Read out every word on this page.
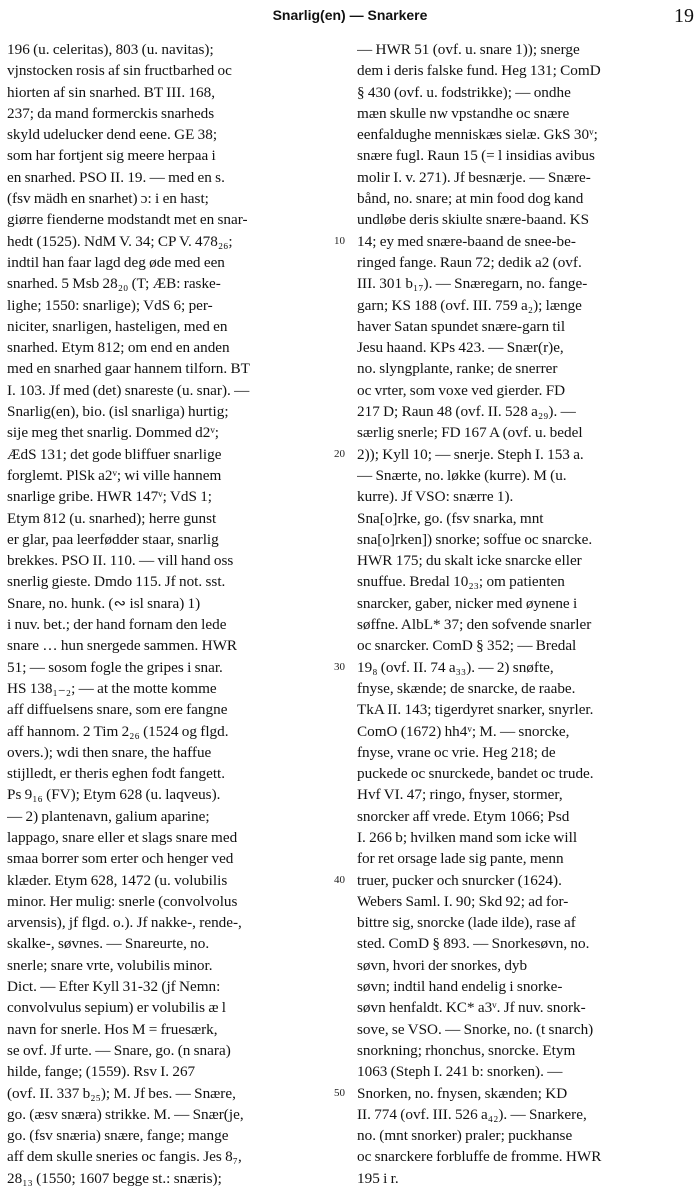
Snarlig(en) — Snarkere	19
196 (u. celeritas), 803 (u. navitas);
vjnstocken rosis af sin fructbarhed oc
hiorten af sin snarhed. BT III. 168,
237; da mand formerckis snarheds
skyld udelucker dend eene. GE 38;
som har fortjent sig meere herpaa i
en snarhed. PSO II. 19. — med en s.
(fsv mädh en snarhet) ɔ: i en hast;
giørre fienderne modstandt met en snar-
hedt (1525). NdM V. 34; CP V. 478₂₆;
indtil han faar lagd deg øde med een
snarhed. 5 Msb 28₂₀ (T; ÆB: raske-
lighe; 1550: snarlige); VdS 6; per-
niciter, snarligen, hasteligen, med en
snarhed. Etym 812; om end en anden
med en snarhed gaar hannem tilforn. BT
I. 103. Jf med (det) snareste (u. snar). —
Snarlig(en), bio. (isl snarliga) hurtig;
sije meg thet snarlig. Dommed d2ᵛ;
ÆdS 131; det gode bliffuer snarlige
forglemt. PlSk a2ᵛ; wi ville hannem
snarlige gribe. HWR 147ᵛ; VdS 1;
Etym 812 (u. snarhed); herre gunst
er glar, paa leerfødder staar, snarlig
brekkes. PSO II. 110. — vill hand oss
snerlig gieste. Dmdo 115. Jf not. sst.
Snare, no. hunk. (∾ isl snara) 1)
i nuv. bet.; der hand fornam den lede
snare … hun snergede sammen. HWR
51; — sosom fogle the gripes i snar.
HS 138₁₋₂; — at the motte komme
aff diffuelsens snare, som ere fangne
aff hannom. 2 Tim 2₂₆ (1524 og flgd.
overs.); wdi then snare, the haffue
stijlledt, er theris eghen fodt fangett.
Ps 9₁₆ (FV); Etym 628 (u. laqveus).
— 2) plantenavn, galium aparine;
lappago, snare eller et slags snare med
smaa borrer som erter och henger ved
klæder. Etym 628, 1472 (u. volubilis
minor. Her mulig: snerle (convolvolus
arvensis), jf flgd. o.). Jf nakke-, rende-,
skalke-, søvnes. — Snareurte, no.
snerle; snare vrte, volubilis minor.
Dict. — Efter Kyll 31-32 (jf Nemn:
convolvulus sepium) er volubilis æ l
navn for snerle. Hos M = fruesærk,
se ovf. Jf urte. — Snare, go. (n snara)
hilde, fange; (1559). Rsv I. 267
(ovf. II. 337 b₂₅); M. Jf bes. — Snære,
go. (æsv snæra) strikke. M. — Snær(je,
go. (fsv snæria) snære, fange; mange
aff dem skulle sneries oc fangis. Jes 8₇,
28₁₃ (1550; 1607 begge st.: snæris);
— HWR 51 (ovf. u. snare 1)); snerge
dem i deris falske fund. Heg 131; ComD
§ 430 (ovf. u. fodstrikke); — ondhe
mæn skulle nw vpstandhe oc snære
eenfaldughe menniskæs sielæ. GkS 30ᵛ;
snære fugl. Raun 15 (= l insidias avibus
molir I. v. 271). Jf besnærje. — Snære-
bånd, no. snare; at min food dog kand
undløbe deris skiulte snære-baand. KS
14; ey med snære-baand de snee-be-
ringed fange. Raun 72; dedik a2 (ovf.
III. 301 b₁₇). — Snæregarn, no. fange-
garn; KS 188 (ovf. III. 759 a₂); længe
haver Satan spundet snære-garn til
Jesu haand. KPs 423. — Snær(r)e,
no. slyngplante, ranke; de snerrer
oc vrter, som voxe ved gierder. FD
217 D; Raun 48 (ovf. II. 528 a₂₉). —
særlig snerle; FD 167 A (ovf. u. bedel
2)); Kyll 10; — snerje. Steph I. 153 a.
— Snærte, no. løkke (kurre). M (u.
kurre). Jf VSO: snærre 1).
Sna[o]rke, go. (fsv snarka, mnt
sna[o]rken]) snorke; soffue oc snarcke.
HWR 175; du skalt icke snarcke eller
snuffue. Bredal 10₂₃; om patienten
snarcker, gaber, nicker med øynene i
søffne. AlbL* 37; den sofvende snarler
oc snarcker. ComD § 352; — Bredal
19₈ (ovf. II. 74 a₃₃). — 2) snøfte,
fnyse, skænde; de snarcke, de raabe.
TkA II. 143; tigerdyret snarker, snyrler.
ComO (1672) hh4ᵛ; M. — snorcke,
fnyse, vrane oc vrie. Heg 218; de
puckede oc snurckede, bandet oc trude.
Hvf VI. 47; ringo, fnyser, stormer,
snorcker aff vrede. Etym 1066; Psd
I. 266 b; hvilken mand som icke will
for ret orsage lade sig pante, menn
truer, pucker och snurcker (1624).
Webers Saml. I. 90; Skd 92; ad for-
bittre sig, snorcke (lade ilde), rase af
sted. ComD § 893. — Snorkesøvn, no.
søvn, hvori der snorkes, dyb
søvn; indtil hand endelig i snorke-
søvn henfaldt. KC* a3ᵛ. Jf nuv. snork-
sove, se VSO. — Snorke, no. (t snarch)
snorkning; rhonchus, snorcke. Etym
1063 (Steph I. 241 b: snorken). —
Snorken, no. fnysen, skænden; KD
II. 774 (ovf. III. 526 a₄₂). — Snarkere,
no. (mnt snorker) praler; puckhanse
oc snarckere forbluffe de fromme. HWR
195 i r.
10
20
30
40
50
